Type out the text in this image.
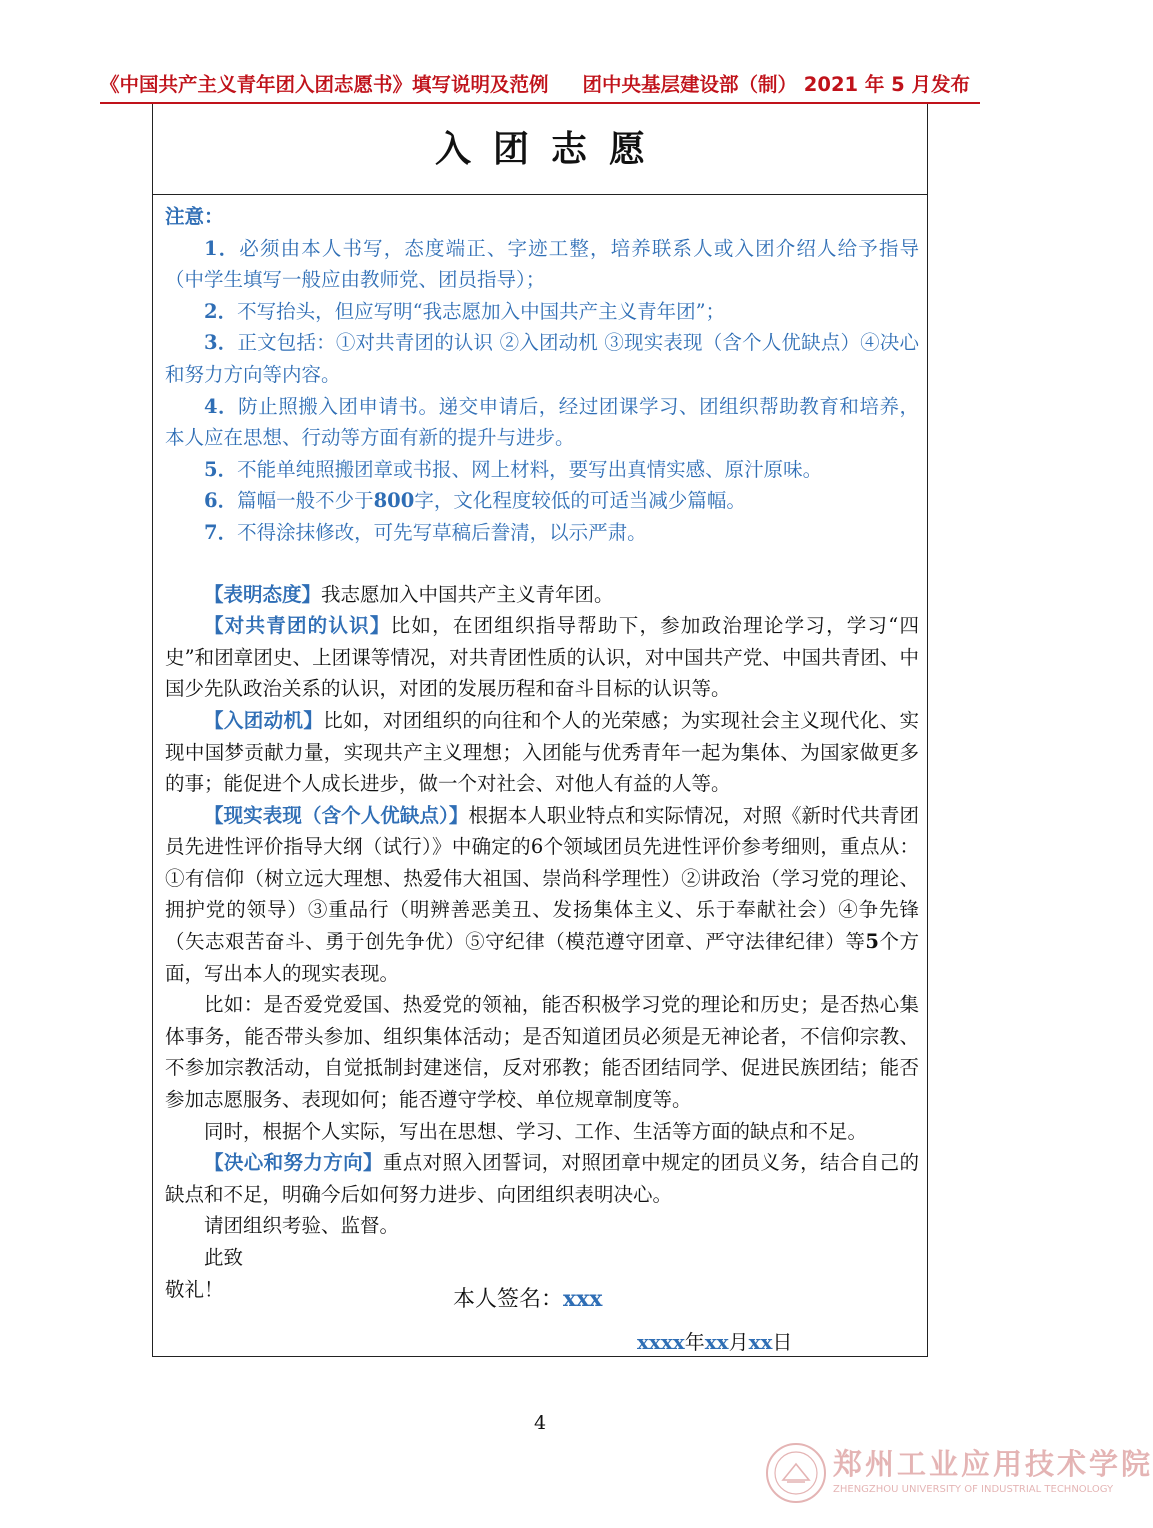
《中国共产主义青年团入团志愿书》填写说明及范例 团中央基层建设部（制） 2021 年 5 月发布
入团志愿
注意：

1．必须由本人书写，态度端正、字迹工整，培养联系人或入团介绍人给予指导（中学生填写一般应由教师党、团员指导）；

2．不写抬头，但应写明“我志愿加入中国共产主义青年团”；

3．正文包括：①对共青团的认识 ②入团动机 ③现实表现（含个人优缺点）④决心和努力方向等内容。

4．防止照搬入团申请书。递交申请后，经过团课学习、团组织帮助教育和培养，本人应在思想、行动等方面有新的提升与进步。

5．不能单纯照搬团章或书报、网上材料，要写出真情实感、原汁原味。

6．篇幅一般不少于800字，文化程度较低的可适当减少篇幅。

7．不得涂抹修改，可先写草稿后誊清，以示严肃。

【表明态度】我志愿加入中国共产主义青年团。

【对共青团的认识】比如，在团组织指导帮助下，参加政治理论学习，学习“四史”和团章团史、上团课等情况，对共青团性质的认识，对中国共产党、中国共青团、中国少先队政治关系的认识，对团的发展历程和奋斗目标的认识等。

【入团动机】比如，对团组织的向往和个人的光荣感；为实现社会主义现代化、实现中国梦贡献力量，实现共产主义理想；入团能与优秀青年一起为集体、为国家做更多的事；能促进个人成长进步，做一个对社会、对他人有益的人等。

【现实表现（含个人优缺点）】根据本人职业特点和实际情况，对照《新时代共青团员先进性评价指导大纲（试行）》中确定的6个领域团员先进性评价参考细则，重点从：①有信仰（树立远大理想、热爱伟大祖国、崇尚科学理性）②讲政治（学习党的理论、拥护党的领导）③重品行（明辨善恶美丑、发扬集体主义、乐于奉献社会）④争先锋（矢志艰苦奋斗、勇于创先争优）⑤守纪律（模范遵守团章、严守法律纪律）等5个方面，写出本人的现实表现。

比如：是否爱党爱国、热爱党的领袖，能否积极学习党的理论和历史；是否热心集体事务，能否带头参加、组织集体活动；是否知道团员必须是无神论者，不信仰宗教、不参加宗教活动，自觉抵制封建迷信，反对邪教；能否团结同学、促进民族团结；能否参加志愿服务、表现如何；能否遵守学校、单位规章制度等。

同时，根据个人实际，写出在思想、学习、工作、生活等方面的缺点和不足。

【决心和努力方向】重点对照入团誓词，对照团章中规定的团员义务，结合自己的缺点和不足，明确今后如何努力进步、向团组织表明决心。

请团组织考验、监督。

此致

敬礼！	本人签名：xxx
xxxx年xx月xx日
4
郑州工业应用技术学院
ZHENGZHOU UNIVERSITY OF INDUSTRIAL TECHNOLOGY
